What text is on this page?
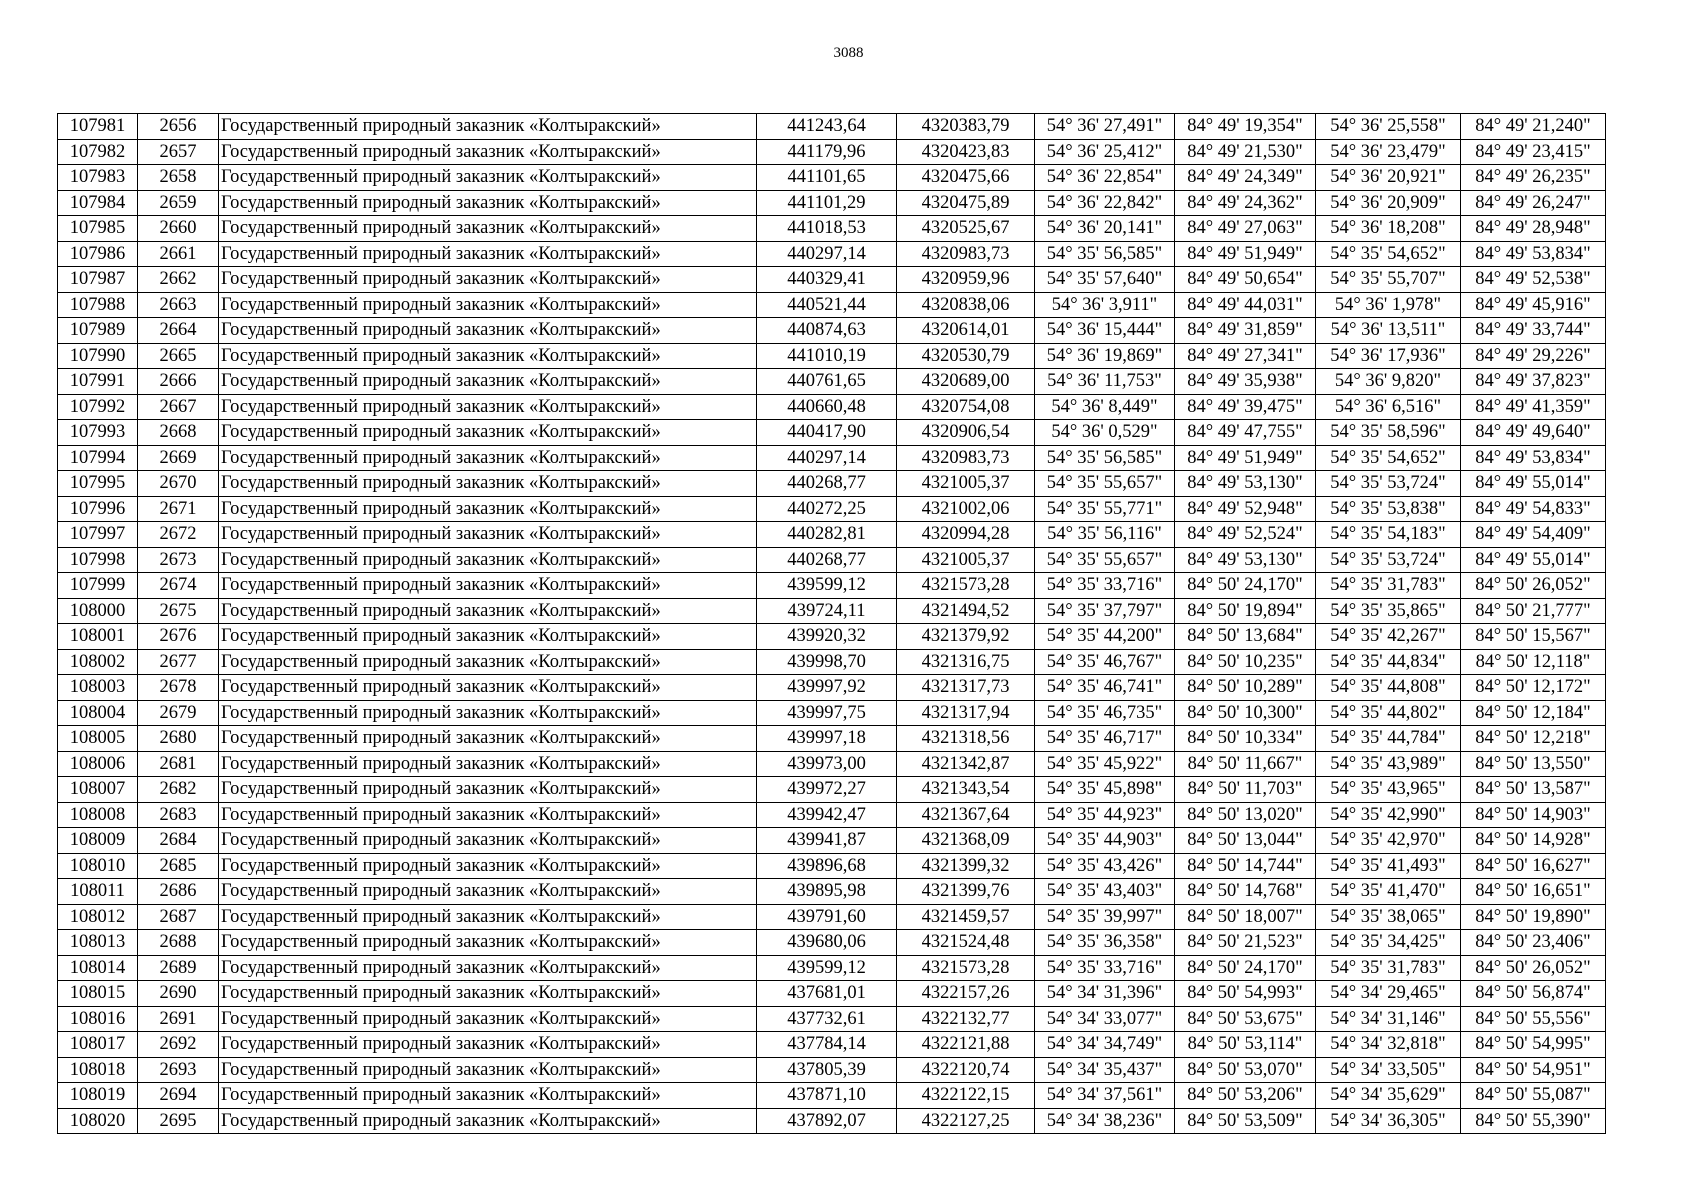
3088
107981	2656	Государственный природный заказник «Колтыракский»	441243,64	4320383,79	54° 36' 27,491"	84° 49' 19,354"	54° 36' 25,558"	84° 49' 21,240"
107982	2657	Государственный природный заказник «Колтыракский»	441179,96	4320423,83	54° 36' 25,412"	84° 49' 21,530"	54° 36' 23,479"	84° 49' 23,415"
107983	2658	Государственный природный заказник «Колтыракский»	441101,65	4320475,66	54° 36' 22,854"	84° 49' 24,349"	54° 36' 20,921"	84° 49' 26,235"
107984	2659	Государственный природный заказник «Колтыракский»	441101,29	4320475,89	54° 36' 22,842"	84° 49' 24,362"	54° 36' 20,909"	84° 49' 26,247"
107985	2660	Государственный природный заказник «Колтыракский»	441018,53	4320525,67	54° 36' 20,141"	84° 49' 27,063"	54° 36' 18,208"	84° 49' 28,948"
107986	2661	Государственный природный заказник «Колтыракский»	440297,14	4320983,73	54° 35' 56,585"	84° 49' 51,949"	54° 35' 54,652"	84° 49' 53,834"
107987	2662	Государственный природный заказник «Колтыракский»	440329,41	4320959,96	54° 35' 57,640"	84° 49' 50,654"	54° 35' 55,707"	84° 49' 52,538"
107988	2663	Государственный природный заказник «Колтыракский»	440521,44	4320838,06	54° 36' 3,911"	84° 49' 44,031"	54° 36' 1,978"	84° 49' 45,916"
107989	2664	Государственный природный заказник «Колтыракский»	440874,63	4320614,01	54° 36' 15,444"	84° 49' 31,859"	54° 36' 13,511"	84° 49' 33,744"
107990	2665	Государственный природный заказник «Колтыракский»	441010,19	4320530,79	54° 36' 19,869"	84° 49' 27,341"	54° 36' 17,936"	84° 49' 29,226"
107991	2666	Государственный природный заказник «Колтыракский»	440761,65	4320689,00	54° 36' 11,753"	84° 49' 35,938"	54° 36' 9,820"	84° 49' 37,823"
107992	2667	Государственный природный заказник «Колтыракский»	440660,48	4320754,08	54° 36' 8,449"	84° 49' 39,475"	54° 36' 6,516"	84° 49' 41,359"
107993	2668	Государственный природный заказник «Колтыракский»	440417,90	4320906,54	54° 36' 0,529"	84° 49' 47,755"	54° 35' 58,596"	84° 49' 49,640"
107994	2669	Государственный природный заказник «Колтыракский»	440297,14	4320983,73	54° 35' 56,585"	84° 49' 51,949"	54° 35' 54,652"	84° 49' 53,834"
107995	2670	Государственный природный заказник «Колтыракский»	440268,77	4321005,37	54° 35' 55,657"	84° 49' 53,130"	54° 35' 53,724"	84° 49' 55,014"
107996	2671	Государственный природный заказник «Колтыракский»	440272,25	4321002,06	54° 35' 55,771"	84° 49' 52,948"	54° 35' 53,838"	84° 49' 54,833"
107997	2672	Государственный природный заказник «Колтыракский»	440282,81	4320994,28	54° 35' 56,116"	84° 49' 52,524"	54° 35' 54,183"	84° 49' 54,409"
107998	2673	Государственный природный заказник «Колтыракский»	440268,77	4321005,37	54° 35' 55,657"	84° 49' 53,130"	54° 35' 53,724"	84° 49' 55,014"
107999	2674	Государственный природный заказник «Колтыракский»	439599,12	4321573,28	54° 35' 33,716"	84° 50' 24,170"	54° 35' 31,783"	84° 50' 26,052"
108000	2675	Государственный природный заказник «Колтыракский»	439724,11	4321494,52	54° 35' 37,797"	84° 50' 19,894"	54° 35' 35,865"	84° 50' 21,777"
108001	2676	Государственный природный заказник «Колтыракский»	439920,32	4321379,92	54° 35' 44,200"	84° 50' 13,684"	54° 35' 42,267"	84° 50' 15,567"
108002	2677	Государственный природный заказник «Колтыракский»	439998,70	4321316,75	54° 35' 46,767"	84° 50' 10,235"	54° 35' 44,834"	84° 50' 12,118"
108003	2678	Государственный природный заказник «Колтыракский»	439997,92	4321317,73	54° 35' 46,741"	84° 50' 10,289"	54° 35' 44,808"	84° 50' 12,172"
108004	2679	Государственный природный заказник «Колтыракский»	439997,75	4321317,94	54° 35' 46,735"	84° 50' 10,300"	54° 35' 44,802"	84° 50' 12,184"
108005	2680	Государственный природный заказник «Колтыракский»	439997,18	4321318,56	54° 35' 46,717"	84° 50' 10,334"	54° 35' 44,784"	84° 50' 12,218"
108006	2681	Государственный природный заказник «Колтыракский»	439973,00	4321342,87	54° 35' 45,922"	84° 50' 11,667"	54° 35' 43,989"	84° 50' 13,550"
108007	2682	Государственный природный заказник «Колтыракский»	439972,27	4321343,54	54° 35' 45,898"	84° 50' 11,703"	54° 35' 43,965"	84° 50' 13,587"
108008	2683	Государственный природный заказник «Колтыракский»	439942,47	4321367,64	54° 35' 44,923"	84° 50' 13,020"	54° 35' 42,990"	84° 50' 14,903"
108009	2684	Государственный природный заказник «Колтыракский»	439941,87	4321368,09	54° 35' 44,903"	84° 50' 13,044"	54° 35' 42,970"	84° 50' 14,928"
108010	2685	Государственный природный заказник «Колтыракский»	439896,68	4321399,32	54° 35' 43,426"	84° 50' 14,744"	54° 35' 41,493"	84° 50' 16,627"
108011	2686	Государственный природный заказник «Колтыракский»	439895,98	4321399,76	54° 35' 43,403"	84° 50' 14,768"	54° 35' 41,470"	84° 50' 16,651"
108012	2687	Государственный природный заказник «Колтыракский»	439791,60	4321459,57	54° 35' 39,997"	84° 50' 18,007"	54° 35' 38,065"	84° 50' 19,890"
108013	2688	Государственный природный заказник «Колтыракский»	439680,06	4321524,48	54° 35' 36,358"	84° 50' 21,523"	54° 35' 34,425"	84° 50' 23,406"
108014	2689	Государственный природный заказник «Колтыракский»	439599,12	4321573,28	54° 35' 33,716"	84° 50' 24,170"	54° 35' 31,783"	84° 50' 26,052"
108015	2690	Государственный природный заказник «Колтыракский»	437681,01	4322157,26	54° 34' 31,396"	84° 50' 54,993"	54° 34' 29,465"	84° 50' 56,874"
108016	2691	Государственный природный заказник «Колтыракский»	437732,61	4322132,77	54° 34' 33,077"	84° 50' 53,675"	54° 34' 31,146"	84° 50' 55,556"
108017	2692	Государственный природный заказник «Колтыракский»	437784,14	4322121,88	54° 34' 34,749"	84° 50' 53,114"	54° 34' 32,818"	84° 50' 54,995"
108018	2693	Государственный природный заказник «Колтыракский»	437805,39	4322120,74	54° 34' 35,437"	84° 50' 53,070"	54° 34' 33,505"	84° 50' 54,951"
108019	2694	Государственный природный заказник «Колтыракский»	437871,10	4322122,15	54° 34' 37,561"	84° 50' 53,206"	54° 34' 35,629"	84° 50' 55,087"
108020	2695	Государственный природный заказник «Колтыракский»	437892,07	4322127,25	54° 34' 38,236"	84° 50' 53,509"	54° 34' 36,305"	84° 50' 55,390"
